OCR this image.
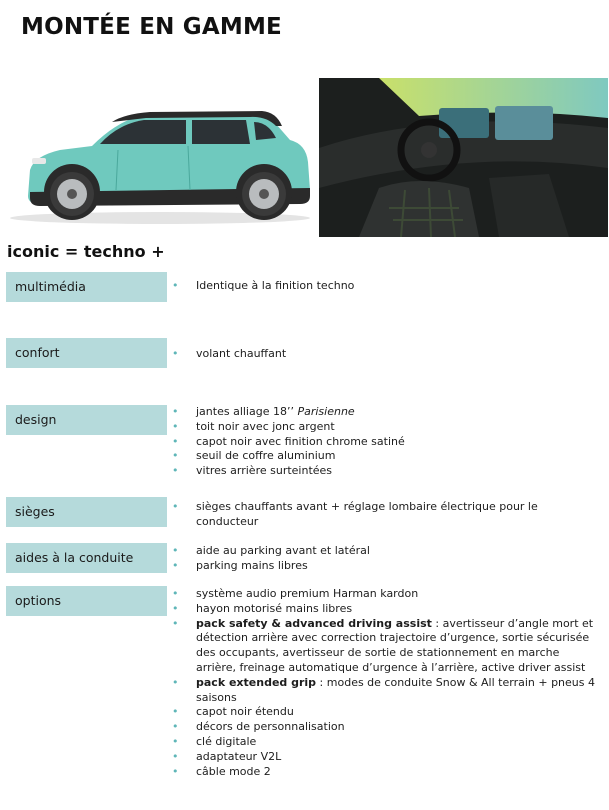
MONTÉE EN GAMME
iconic = techno +
multimédia	• Identique à la finition techno
confort	• volant chauffant
design
• jantes alliage 18’’ Parisienne
• toit noir avec jonc argent
• capot noir avec finition chrome satiné
• seuil de coffre aluminium
• vitres arrière surteintées
sièges	• sièges chauffants avant + réglage lombaire électrique pour le conducteur
aides à la conduite	• aide au parking avant et latéral
• parking mains libres
options	• système audio premium Harman kardon
• hayon motorisé mains libres
• pack safety & advanced driving assist : avertisseur d’angle mort et détection arrière avec correction trajectoire d’urgence, sortie sécurisée des occupants, avertisseur de sortie de stationnement en marche arrière, freinage automatique d’urgence à l’arrière, active driver assist
• pack extended grip : modes de conduite Snow & All terrain + pneus 4 saisons
• capot noir étendu
• décors de personnalisation
• clé digitale
• adaptateur V2L
• câble mode 2
